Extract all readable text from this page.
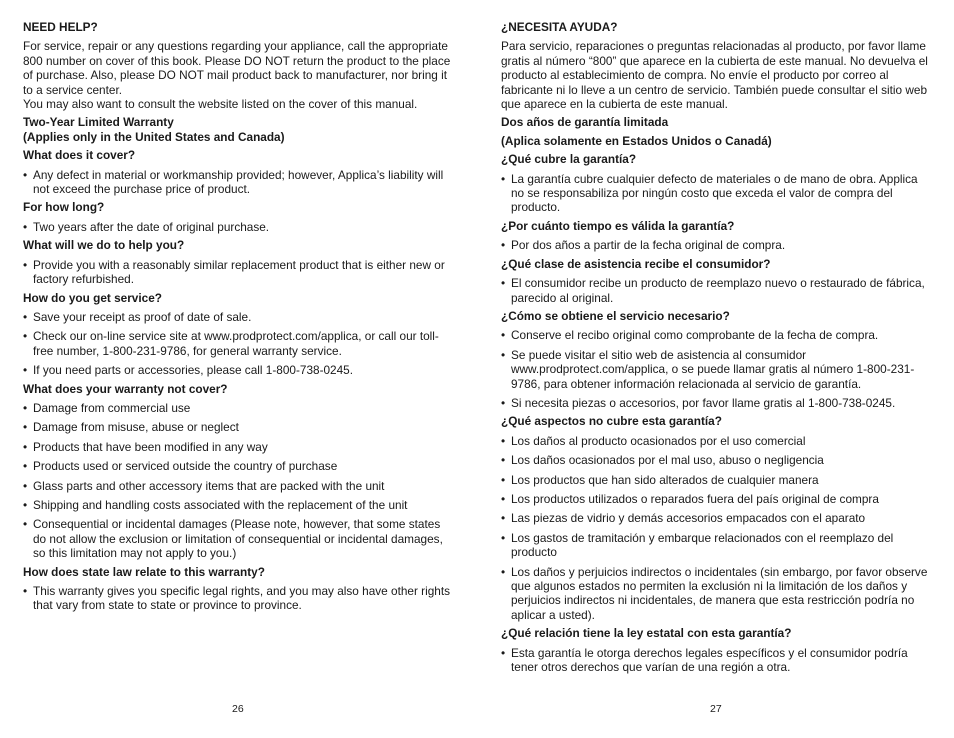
NEED HELP?

For service, repair or any questions regarding your appliance, call the appropriate 800 number on cover of this book. Please DO NOT return the product to the place of purchase. Also, please DO NOT mail product back to manufacturer, nor bring it to a service center.

You may also want to consult the website listed on the cover of this manual.

Two-Year Limited Warranty

(Applies only in the United States and Canada)

What does it cover?

• Any defect in material or workmanship provided; however, Applica’s liability will not exceed the purchase price of product.

For how long?

• Two years after the date of original purchase.

What will we do to help you?

• Provide you with a reasonably similar replacement product that is either new or factory refurbished.

How do you get service?

• Save your receipt as proof of date of sale.
• Check our on-line service site at www.prodprotect.com/applica, or call our toll-free number, 1-800-231-9786, for general warranty service.
• If you need parts or accessories, please call 1-800-738-0245.

What does your warranty not cover?

• Damage from commercial use
• Damage from misuse, abuse or neglect
• Products that have been modified in any way
• Products used or serviced outside the country of purchase
• Glass parts and other accessory items that are packed with the unit
• Shipping and handling costs associated with the replacement of the unit
• Consequential or incidental damages (Please note, however, that some states do not allow the exclusion or limitation of consequential or incidental damages, so this limitation may not apply to you.)

How does state law relate to this warranty?

• This warranty gives you specific legal rights, and you may also have other rights that vary from state to state or province to province.
26

¿NECESITA AYUDA?

Para servicio, reparaciones o preguntas relacionadas al producto, por favor llame gratis al número “800” que aparece en la cubierta de este manual. No devuelva el producto al establecimiento de compra. No envíe el producto por correo al fabricante ni lo lleve a un centro de servicio. También puede consultar el sitio web que aparece en la cubierta de este manual.

Dos años de garantía limitada

(Aplica solamente en Estados Unidos o Canadá)

¿Qué cubre la garantía?

• La garantía cubre cualquier defecto de materiales o de mano de obra. Applica no se responsabiliza por ningún costo que exceda el valor de compra del producto.

¿Por cuánto tiempo es válida la garantía?

• Por dos años a partir de la fecha original de compra.

¿Qué clase de asistencia recibe el consumidor?

• El consumidor recibe un producto de reemplazo nuevo o restaurado de fábrica, parecido al original.

¿Cómo se obtiene el servicio necesario?

• Conserve el recibo original como comprobante de la fecha de compra.
• Se puede visitar el sitio web de asistencia al consumidor www.prodprotect.com/applica, o se puede llamar gratis al número 1-800-231-9786, para obtener información relacionada al servicio de garantía.
• Si necesita piezas o accesorios, por favor llame gratis al 1-800-738-0245.

¿Qué aspectos no cubre esta garantía?

• Los daños al producto ocasionados por el uso comercial
• Los daños ocasionados por el mal uso, abuso o negligencia
• Los productos que han sido alterados de cualquier manera
• Los productos utilizados o reparados fuera del país original de compra
• Las piezas de vidrio y demás accesorios empacados con el aparato
• Los gastos de tramitación y embarque relacionados con el reemplazo del producto
• Los daños y perjuicios indirectos o incidentales (sin embargo, por favor observe que algunos estados no permiten la exclusión ni la limitación de los daños y perjuicios indirectos ni incidentales, de manera que esta restricción podría no aplicar a usted).

¿Qué relación tiene la ley estatal con esta garantía?

• Esta garantía le otorga derechos legales específicos y el consumidor podría tener otros derechos que varían de una región a otra.
27
